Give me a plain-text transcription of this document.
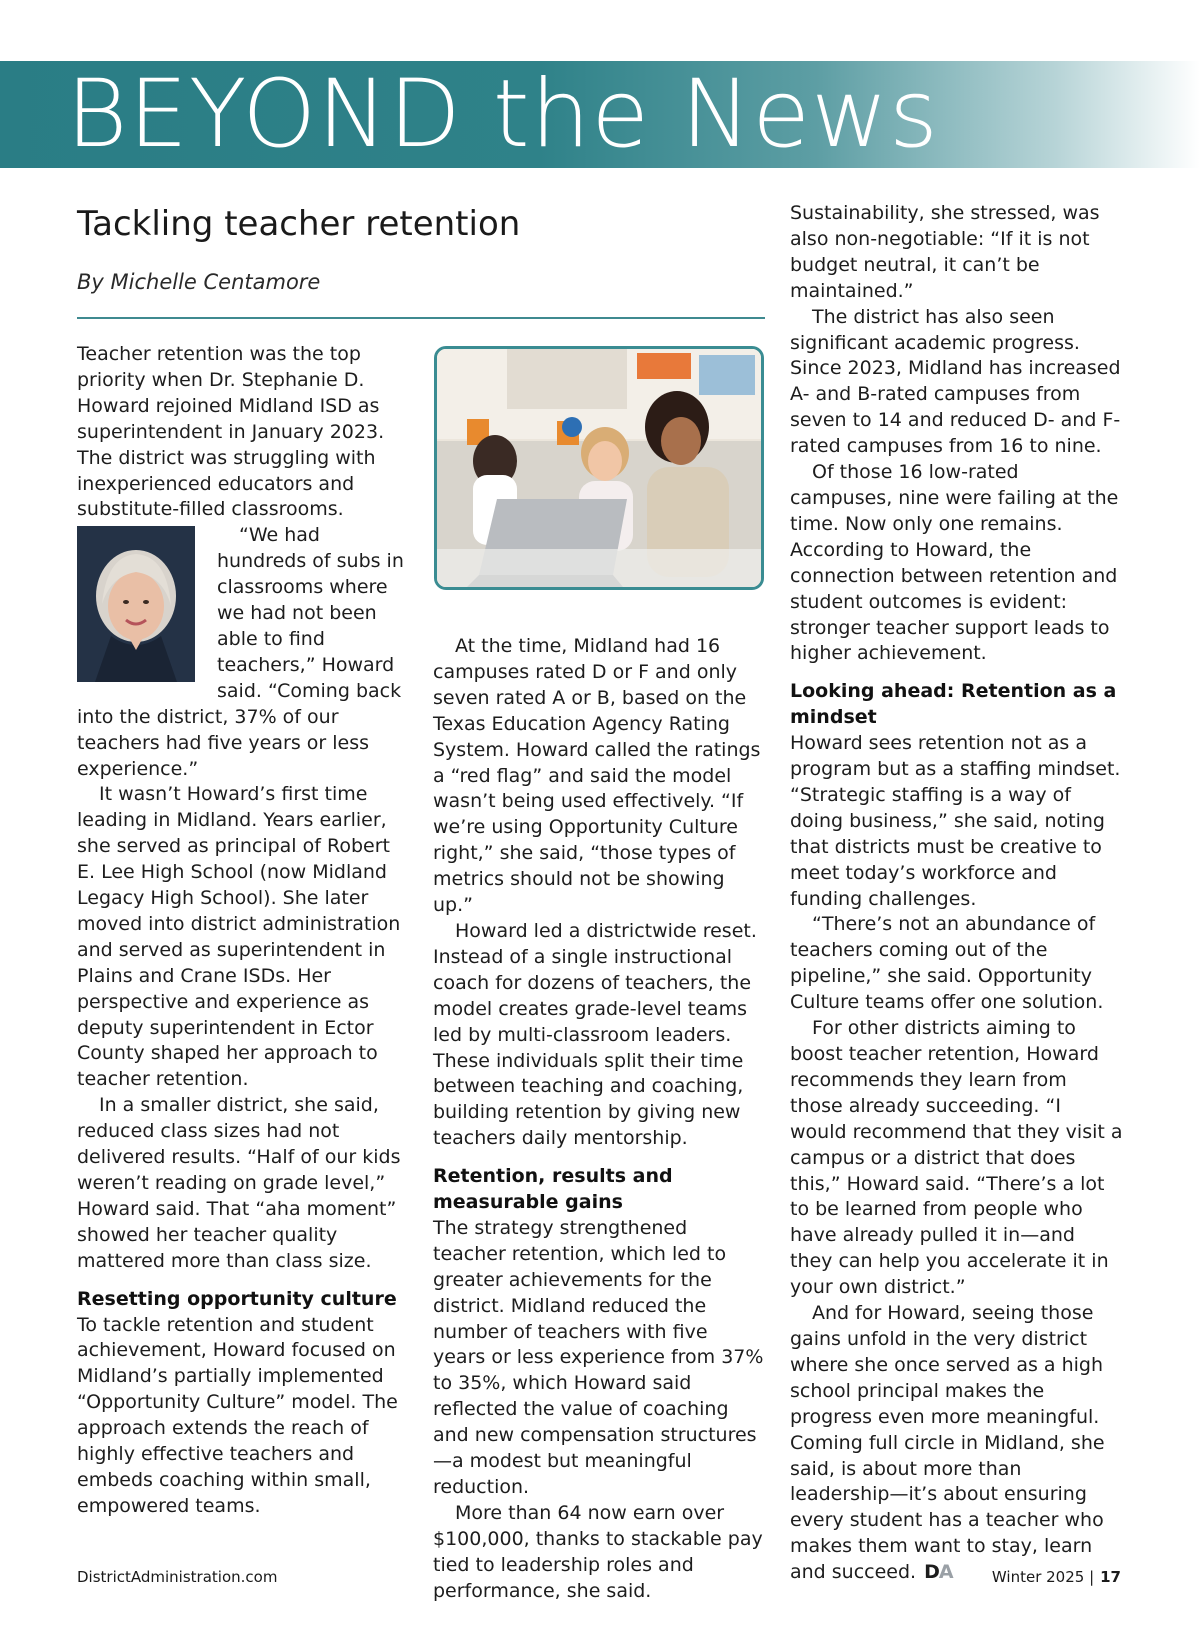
BEYOND the News
Tackling teacher retention

By Michelle Centamore

Teacher retention was the top priority when Dr. Stephanie D. Howard rejoined Midland ISD as superintendent in January 2023. The district was struggling with inexperienced educators and substitute-filled classrooms.

“We had hundreds of subs in classrooms where we had not been able to find teachers,” Howard said. “Coming back into the district, 37% of our teachers had five years or less experience.”

It wasn’t Howard’s first time leading in Midland. Years earlier, she served as principal of Robert E. Lee High School (now Midland Legacy High School). She later moved into district administration and served as superintendent in Plains and Crane ISDs. Her perspective and experience as deputy superintendent in Ector County shaped her approach to teacher retention.

In a smaller district, she said, reduced class sizes had not delivered results. “Half of our kids weren’t reading on grade level,” Howard said. That “aha moment” showed her teacher quality mattered more than class size.

Resetting opportunity culture

To tackle retention and student achievement, Howard focused on Midland’s partially implemented “Opportunity Culture” model. The approach extends the reach of highly effective teachers and embeds coaching within small, empowered teams.

At the time, Midland had 16 campuses rated D or F and only seven rated A or B, based on the Texas Education Agency Rating System. Howard called the ratings a “red flag” and said the model wasn’t being used effectively. “If we’re using Opportunity Culture right,” she said, “those types of metrics should not be showing up.”

Howard led a districtwide reset. Instead of a single instructional coach for dozens of teachers, the model creates grade-level teams led by multi-classroom leaders. These individuals split their time between teaching and coaching, building retention by giving new teachers daily mentorship.

Retention, results and measurable gains

The strategy strengthened teacher retention, which led to greater achievements for the district. Midland reduced the number of teachers with five years or less experience from 37% to 35%, which Howard said reflected the value of coaching and new compensation structures—a modest but meaningful reduction.

More than 64 now earn over $100,000, thanks to stackable pay tied to leadership roles and performance, she said.

Sustainability, she stressed, was also non-negotiable: “If it is not budget neutral, it can’t be maintained.”

The district has also seen significant academic progress. Since 2023, Midland has increased A- and B-rated campuses from seven to 14 and reduced D- and F-rated campuses from 16 to nine.

Of those 16 low-rated campuses, nine were failing at the time. Now only one remains. According to Howard, the connection between retention and student outcomes is evident: stronger teacher support leads to higher achievement.

Looking ahead: Retention as a mindset

Howard sees retention not as a program but as a staffing mindset. “Strategic staffing is a way of doing business,” she said, noting that districts must be creative to meet today’s workforce and funding challenges.

“There’s not an abundance of teachers coming out of the pipeline,” she said. Opportunity Culture teams offer one solution.

For other districts aiming to boost teacher retention, Howard recommends they learn from those already succeeding. “I would recommend that they visit a campus or a district that does this,” Howard said. “There’s a lot to be learned from people who have already pulled it in—and they can help you accelerate it in your own district.”

And for Howard, seeing those gains unfold in the very district where she once served as a high school principal makes the progress even more meaningful. Coming full circle in Midland, she said, is about more than leadership—it’s about ensuring every student has a teacher who makes them want to stay, learn and succeed. DA

DistrictAdministration.com	Winter 2025 | 17
